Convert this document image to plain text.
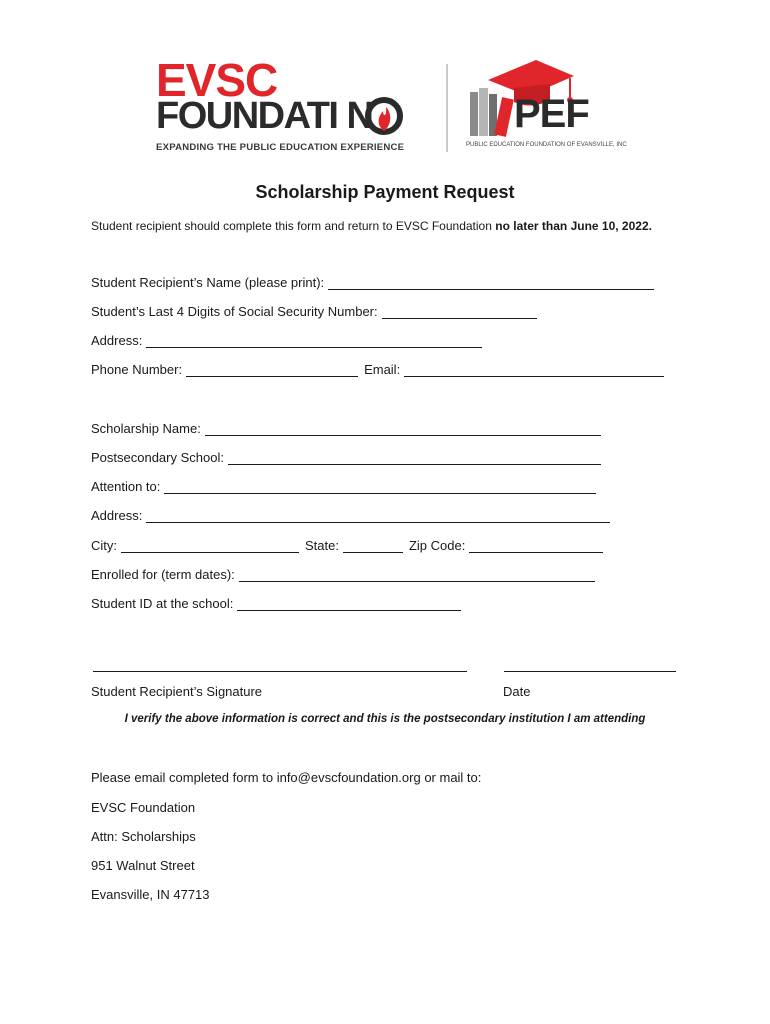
EVSC
FOUNDATI N
EXPANDING THE PUBLIC EDUCATION EXPERIENCE
PEF
PUBLIC EDUCATION FOUNDATION OF EVANSVILLE, INC
Scholarship Payment Request
Student recipient should complete this form and return to EVSC Foundation no later than June 10, 2022.
Student Recipient’s Name (please print):
Student’s Last 4 Digits of Social Security Number:
Address:
Phone Number:	Email:
Scholarship Name:
Postsecondary School:
Attention to:
Address:
City:	State:	Zip Code:
Enrolled for (term dates):
Student ID at the school:
Student Recipient’s Signature	Date
I verify the above information is correct and this is the postsecondary institution I am attending
Please email completed form to info@evscfoundation.org or mail to:
EVSC Foundation
Attn: Scholarships
951 Walnut Street
Evansville, IN 47713
